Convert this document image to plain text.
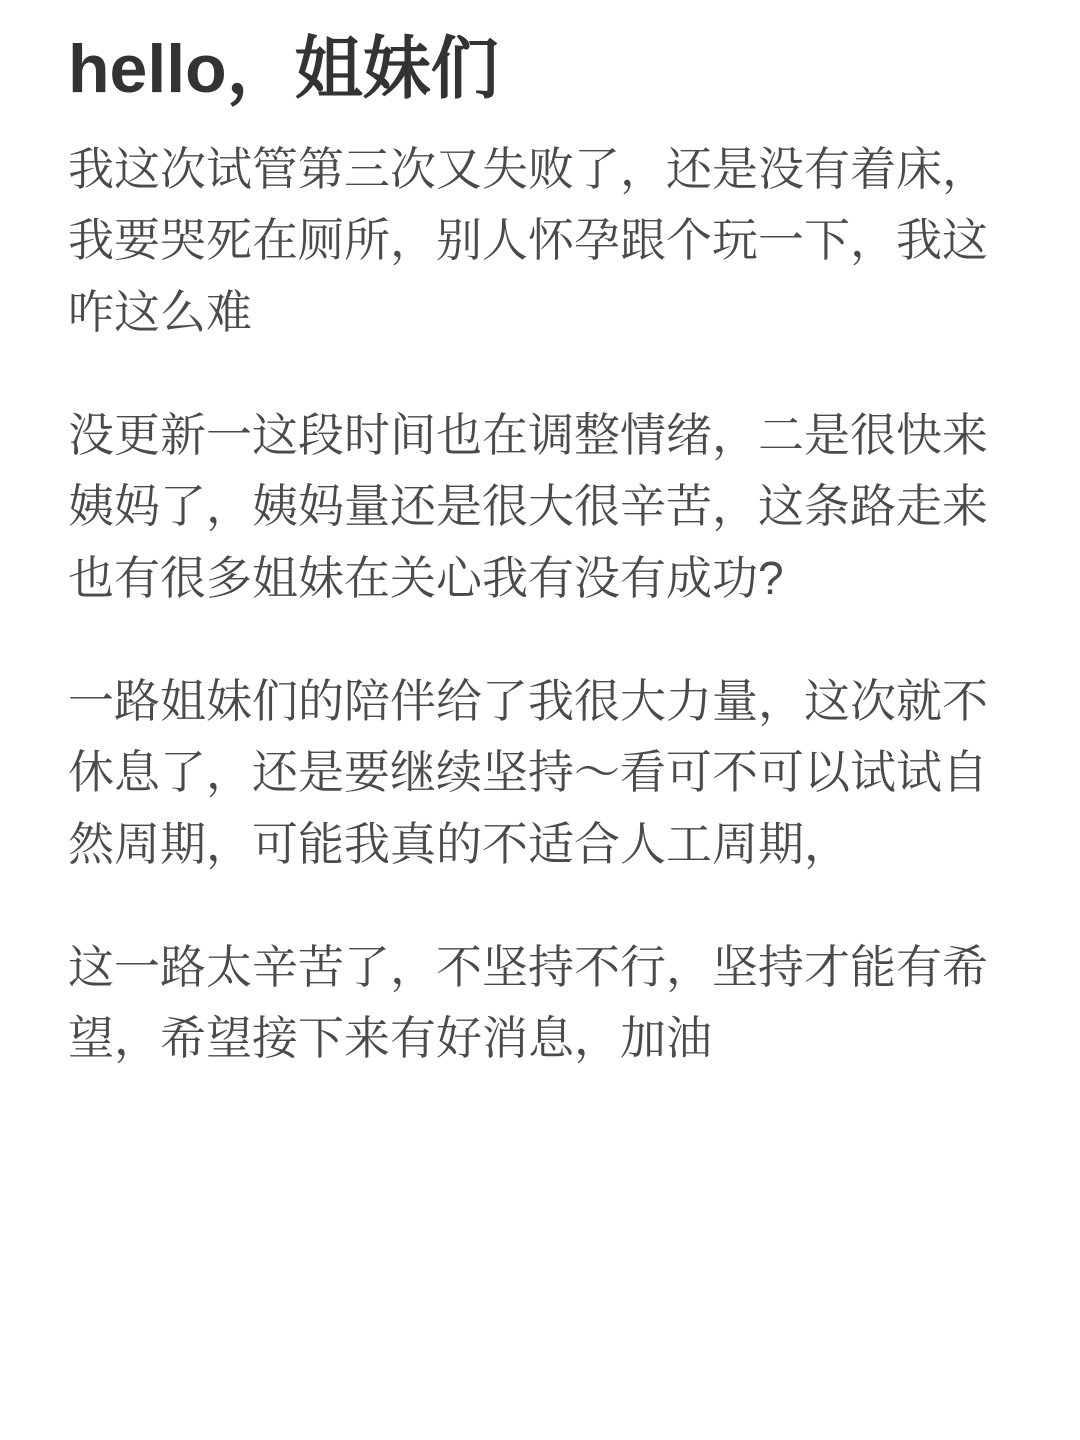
hello，姐妹们

我这次试管第三次又失败了，还是没有着床，我要哭死在厕所，别人怀孕跟个玩一下，我这咋这么难

没更新一这段时间也在调整情绪，二是很快来姨妈了，姨妈量还是很大很辛苦，这条路走来也有很多姐妹在关心我有没有成功?

一路姐妹们的陪伴给了我很大力量，这次就不休息了，还是要继续坚持～看可不可以试试自然周期，可能我真的不适合人工周期，

这一路太辛苦了，不坚持不行，坚持才能有希望，希望接下来有好消息，加油
